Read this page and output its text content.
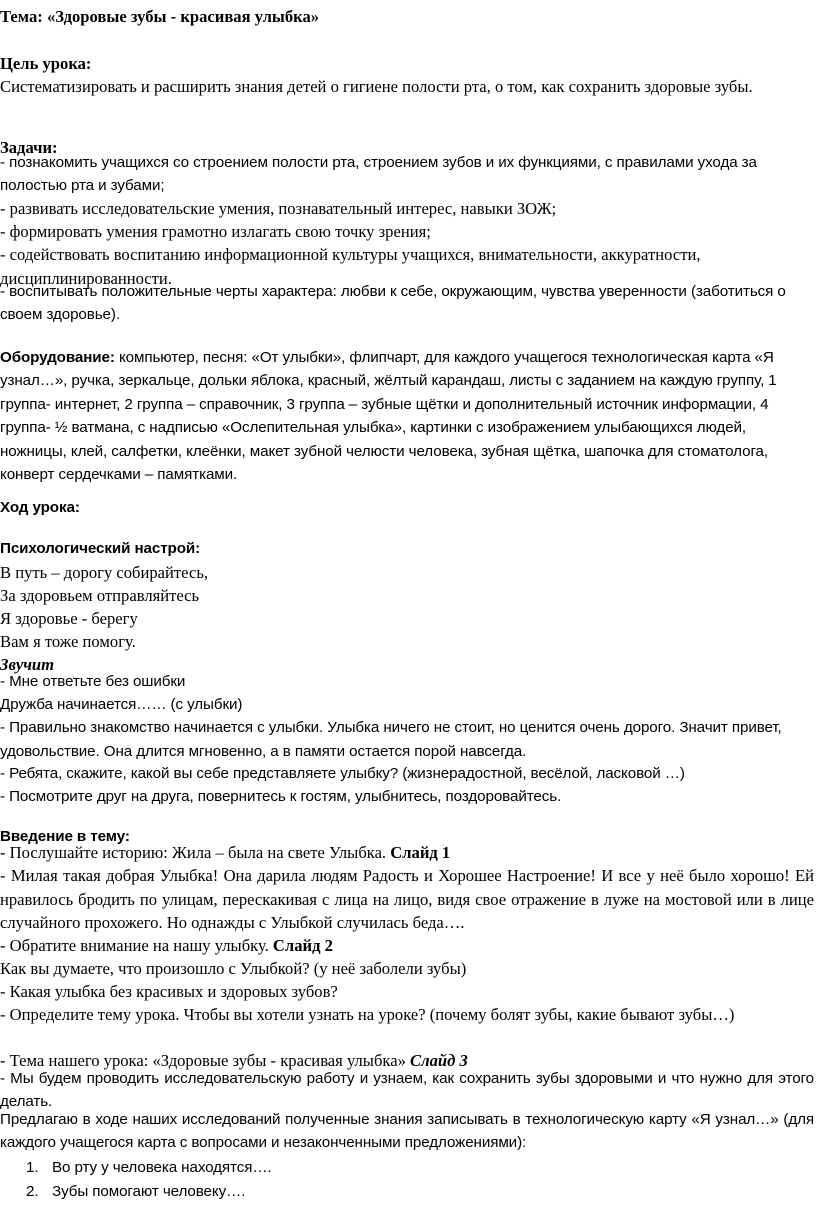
Тема: «Здоровые зубы - красивая улыбка»

Цель урока:

Систематизировать и расширить знания детей о гигиене полости рта, о том, как сохранить здоровые зубы.

Задачи:

- познакомить учащихся со строением полости рта, строением зубов и их функциями, с правилами ухода за полостью рта и зубами;

- развивать исследовательские умения, познавательный интерес, навыки ЗОЖ;

- формировать умения грамотно излагать свою точку зрения;

- содействовать воспитанию информационной культуры учащихся, внимательности, аккуратности, дисциплинированности.

- воспитывать положительные черты характера: любви к себе, окружающим, чувства уверенности (заботиться о своем здоровье).

Оборудование: компьютер, песня: «От улыбки», флипчарт, для каждого учащегося технологическая карта «Я узнал…», ручка, зеркальце, дольки яблока, красный, жёлтый карандаш, листы с заданием на каждую группу, 1 группа- интернет, 2 группа – справочник, 3 группа – зубные щётки и дополнительный источник информации, 4 группа- ½ ватмана, с надписью «Ослепительная улыбка», картинки с изображением улыбающихся людей, ножницы, клей, салфетки, клеёнки, макет зубной челюсти человека, зубная щётка, шапочка для стоматолога, конверт сердечками – памятками.

Ход урока:

Психологический настрой:

В путь – дорогу собирайтесь,

За здоровьем отправляйтесь

Я здоровье - берегу

Вам я тоже помогу.

Звучит

- Мне ответьте без ошибки

Дружба начинается…… (с улыбки)

- Правильно знакомство начинается с улыбки. Улыбка ничего не стоит, но ценится очень дорого. Значит привет, удовольствие. Она длится мгновенно, а в памяти остается порой навсегда.

- Ребята, скажите, какой вы себе представляете улыбку? (жизнерадостной, весёлой, ласковой …)

- Посмотрите друг на друга, повернитесь к гостям, улыбнитесь, поздоровайтесь.

Введение в тему:

- Послушайте историю: Жила – была на свете Улыбка. Слайд 1

- Милая такая добрая Улыбка! Она дарила людям Радость и Хорошее Настроение! И все у неё было хорошо! Ей нравилось бродить по улицам, перескакивая с лица на лицо, видя свое отражение в луже на мостовой или в лице случайного прохожего. Но однажды с Улыбкой случилась беда….

- Обратите внимание на нашу улыбку. Слайд 2

Как вы думаете, что произошло с Улыбкой? (у неё заболели зубы)

- Какая улыбка без красивых и здоровых зубов?

- Определите тему урока. Чтобы вы хотели узнать на уроке? (почему болят зубы, какие бывают зубы…)

- Тема нашего урока: «Здоровые зубы - красивая улыбка» Слайд 3

- Мы будем проводить исследовательскую работу и узнаем, как сохранить зубы здоровыми и что нужно для этого делать.

Предлагаю в ходе наших исследований полученные знания записывать в технологическую карту «Я узнал…» (для каждого учащегося карта с вопросами и незаконченными предложениями):

1. Во рту у человека находятся….
2. Зубы помогают человеку….
